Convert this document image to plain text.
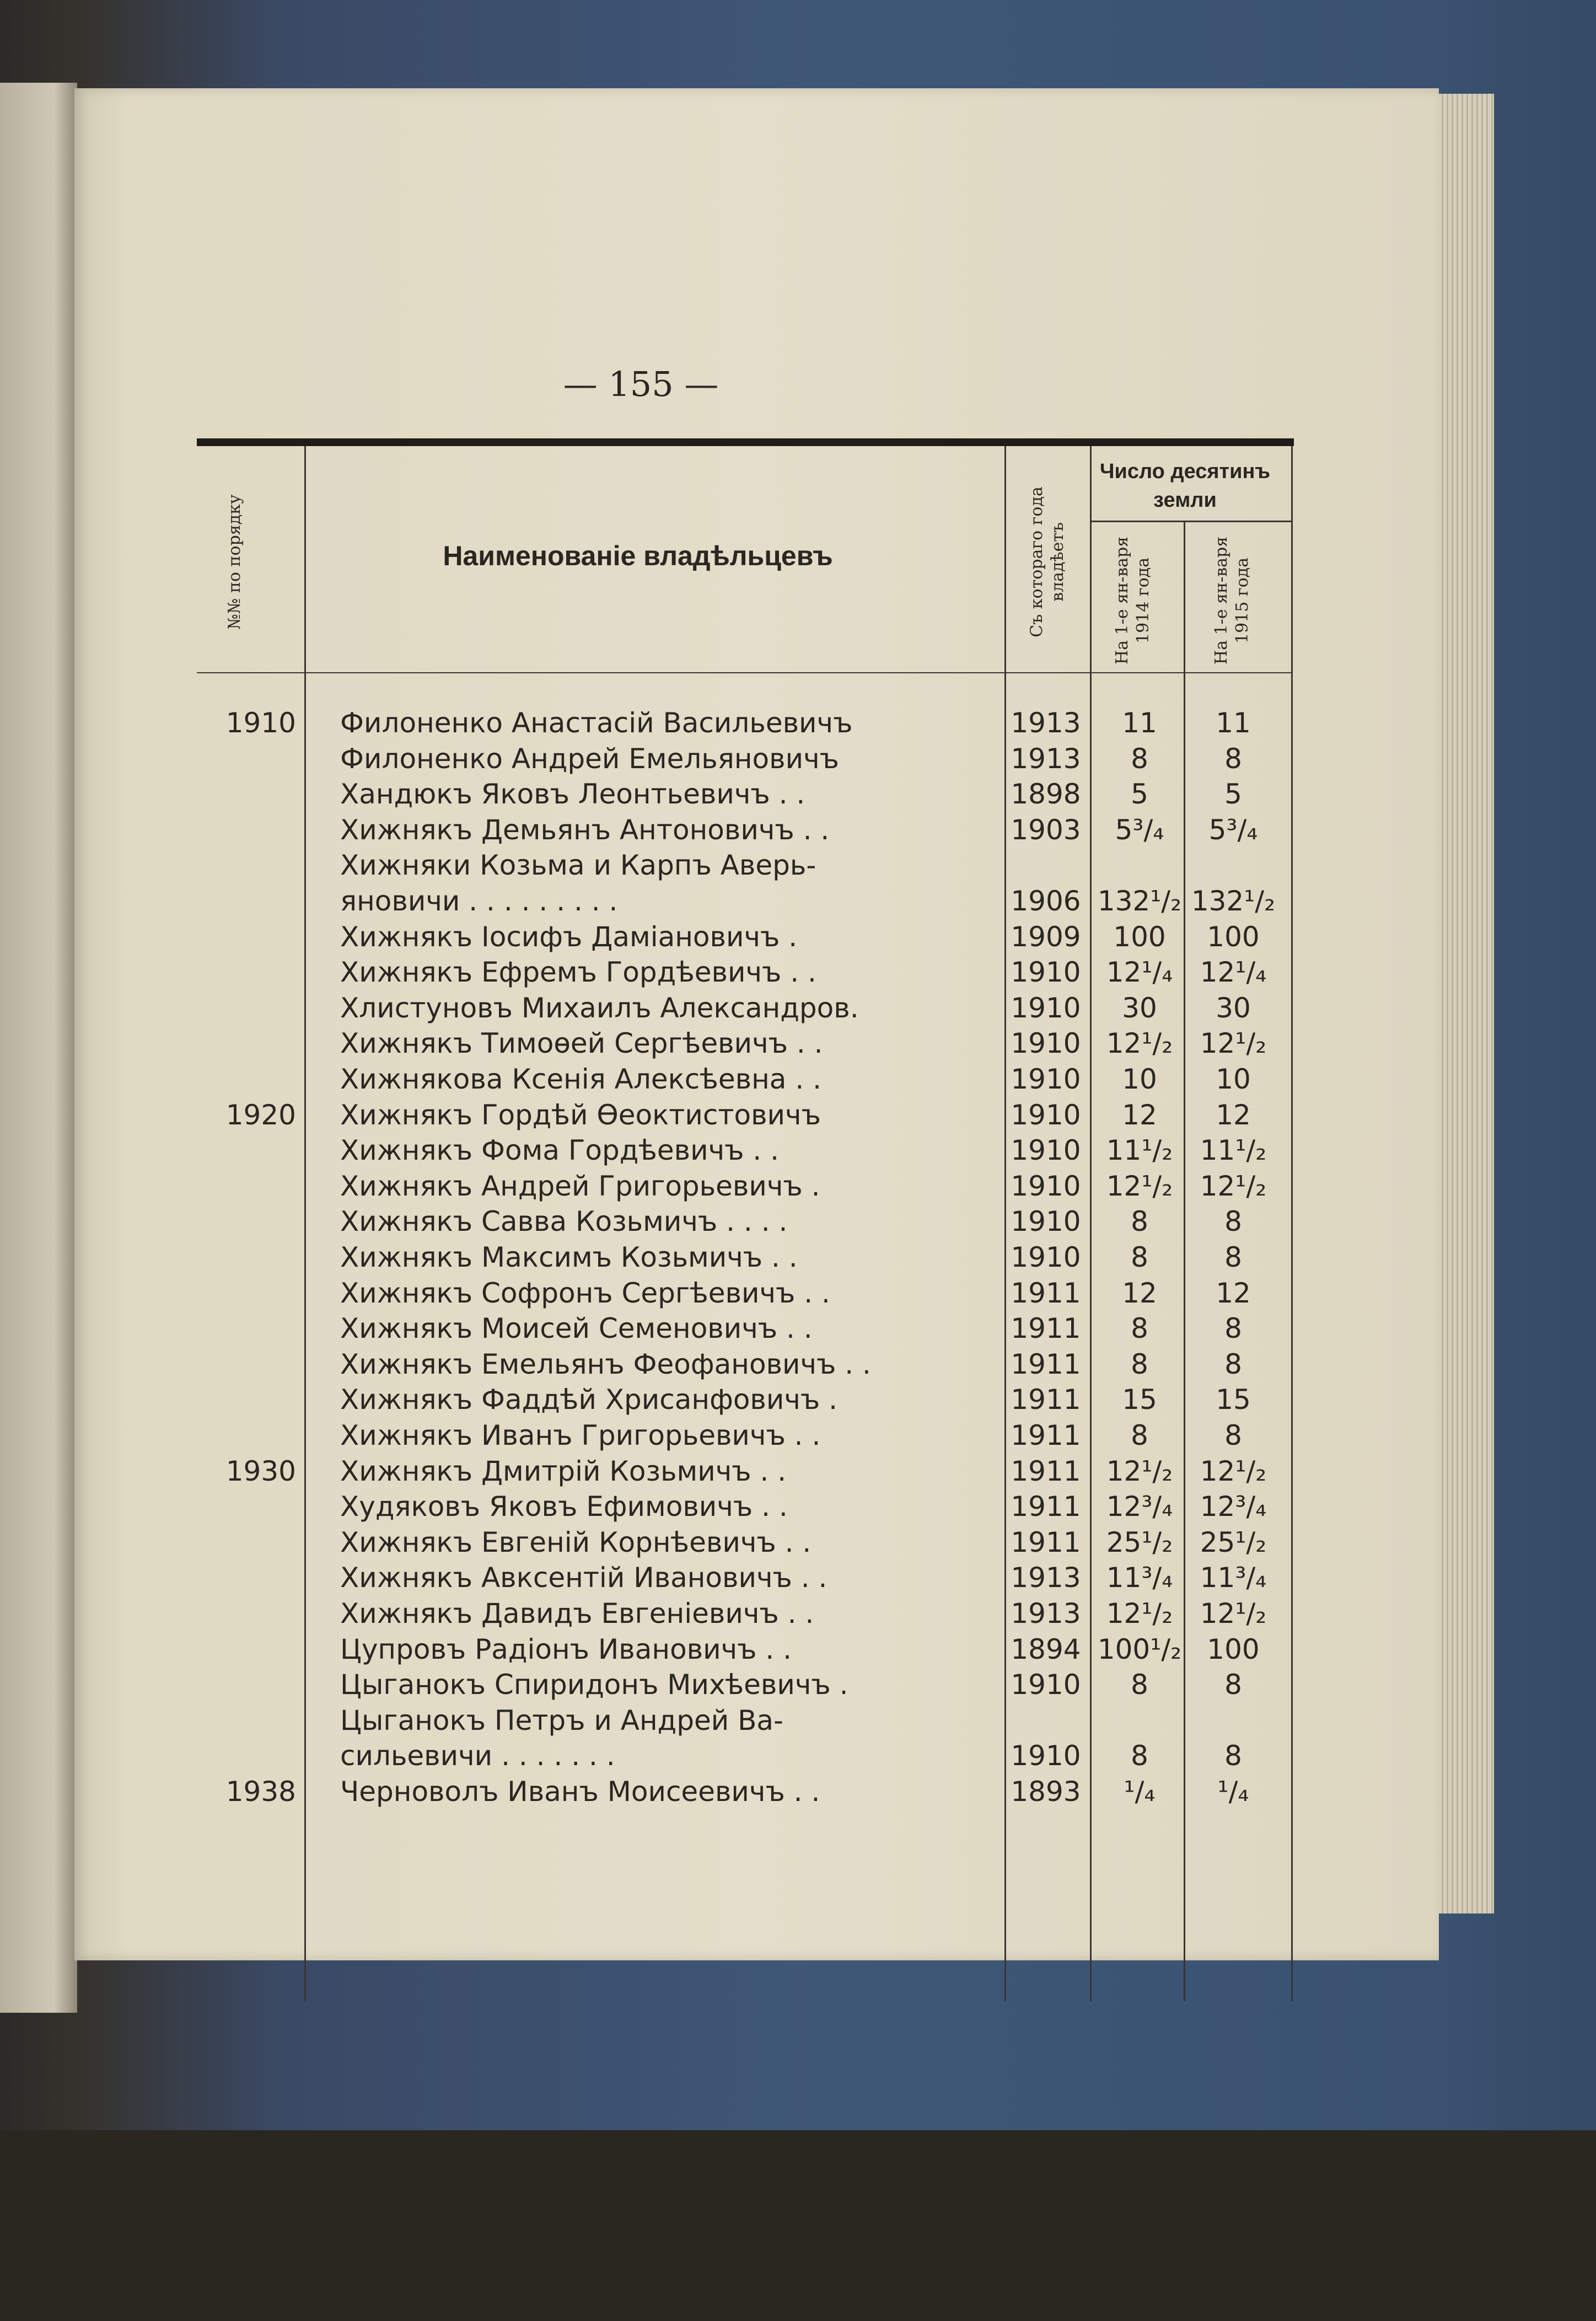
— 155 —
№№ по порядку	Наименованіе владѣльцевъ	Съ котораго года владѣетъ
Число десятинъ земли
На 1-е ян-варя 1914 года	На 1-е ян-варя 1915 года
1910 Филоненко Анастасій Васильевичъ	1913	11	11
Филоненко Андрей Емельяновичъ	1913	8	8
Хандюкъ Яковъ Леонтьевичъ . .	1898	5	5
Хижнякъ Демьянъ Антоновичъ . .	1903	5³/₄	5³/₄
Хижняки Козьма и Карпъ Аверь-
яновичи . . . . . . . . .	1906 132¹/₂ 132¹/₂
Хижнякъ Іосифъ Даміановичъ .	1909	100	100
Хижнякъ Ефремъ Гордѣевичъ . .	1910 12¹/₄ 12¹/₄
Хлистуновъ Михаилъ Александров.	1910	30	30
Хижнякъ Тимоѳей Сергѣевичъ . .	1910 12¹/₂ 12¹/₂
Хижнякова Ксенія Алексѣевна . .	1910	10	10
1920 Хижнякъ Гордѣй Ѳеоктистовичъ	1910	12	12
Хижнякъ Фома Гордѣевичъ . .	1910 11¹/₂ 11¹/₂
Хижнякъ Андрей Григорьевичъ .	1910 12¹/₂ 12¹/₂
Хижнякъ Савва Козьмичъ . . . .	1910	8	8
Хижнякъ Максимъ Козьмичъ . .	1910	8	8
Хижнякъ Софронъ Сергѣевичъ . .	1911	12	12
Хижнякъ Моисей Семеновичъ . .	1911	8	8
Хижнякъ Емельянъ Феофановичъ . .	1911	8	8
Хижнякъ Фаддѣй Хрисанфовичъ .	1911	15	15
Хижнякъ Иванъ Григорьевичъ . .	1911	8	8
1930 Хижнякъ Дмитрій Козьмичъ . .	1911 12¹/₂ 12¹/₂
Худяковъ Яковъ Ефимовичъ . .	1911 12³/₄ 12³/₄
Хижнякъ Евгеній Корнѣевичъ . .	1911 25¹/₂ 25¹/₂
Хижнякъ Авксентій Ивановичъ . .	1913 11³/₄ 11³/₄
Хижнякъ Давидъ Евгеніевичъ . .	1913 12¹/₂ 12¹/₂
Цупровъ Радіонъ Ивановичъ . .	1894 100¹/₂ 100
Цыганокъ Спиридонъ Михѣевичъ .	1910	8	8
Цыганокъ Петръ и Андрей Ва-
сильевичи . . . . . . .	1910	8	8
1938 Черноволъ Иванъ Моисеевичъ . .	1893	¹/₄	¹/₄
